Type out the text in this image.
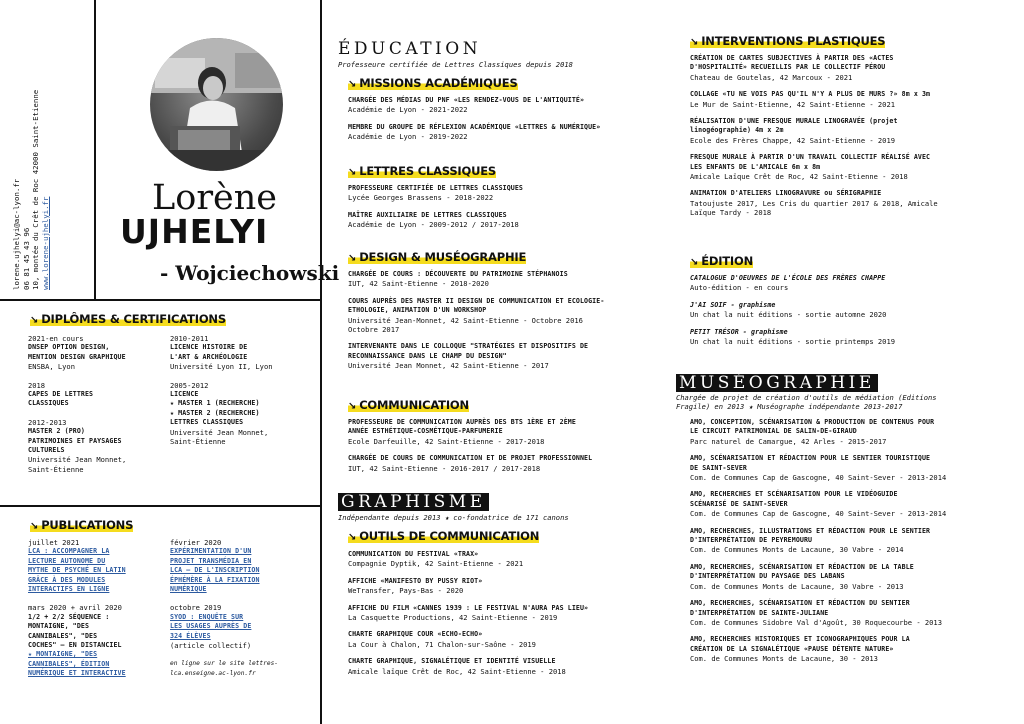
lorene.ujhelyi@ac-lyon.fr 06 81 45 43 96 10, montée du Crêt de Roc 42000 Saint-Etienne www.lorene-ujhelyi.fr	Lorène
UJHELYI
- Wojciechowski
↘ DIPLÔMES & CERTIFICATIONS
2021-en cours
DNSEP OPTION DESIGN,
MENTION DESIGN GRAPHIQUE
ENSBA, Lyon
2018
CAPES DE LETTRES
CLASSIQUES
2012-2013
MASTER 2 (PRO)
PATRIMOINES ET PAYSAGES
CULTURELS
Université Jean Monnet,
Saint-Étienne
2010-2011
LICENCE HISTOIRE DE
L'ART & ARCHÉOLOGIE
Université Lyon II, Lyon
2005-2012
LICENCE
★ MASTER 1 (RECHERCHE)
★ MASTER 2 (RECHERCHE)
LETTRES CLASSIQUES
Université Jean Monnet,
Saint-Étienne
↘ PUBLICATIONS
juillet 2021
LCA : ACCOMPAGNER LA
LECTURE AUTONOME DU
MYTHE DE PSYCHÉ EN LATIN
GRÂCE À DES MODULES
INTERACTIFS EN LIGNE
mars 2020 + avril 2020
1/2 + 2/2 SÉQUENCE :
MONTAIGNE, "DES
CANNIBALES", "DES
COCHES" — EN DISTANCIEL
★ MONTAIGNE, "DES
CANNIBALES", ÉDITION
NUMÉRIQUE ET INTERACTIVE
février 2020
EXPÉRIMENTATION D'UN
PROJET TRANSMÉDIA EN
LCA — DE L'INSCRIPTION
ÉPHÉMÈRE À LA FIXATION
NUMÉRIQUE
octobre 2019
SYOD : ENQUÊTE SUR
LES USAGES AUPRÈS DE
324 ÉLÈVES
(article collectif)
en ligne sur le site lettres-
lca.enseigne.ac-lyon.fr
ÉDUCATION
Professeure certifiée de Lettres Classiques depuis 2018
↘ MISSIONS ACADÉMIQUES
CHARGÉE DES MÉDIAS DU PNF «LES RENDEZ-VOUS DE L'ANTIQUITÉ»
Académie de Lyon - 2021-2022
MEMBRE DU GROUPE DE RÉFLEXION ACADÉMIQUE «LETTRES & NUMÉRIQUE»
Académie de Lyon - 2019-2022
↘ LETTRES CLASSIQUES
PROFESSEURE CERTIFIÉE DE LETTRES CLASSIQUES
Lycée Georges Brassens - 2018-2022
MAÎTRE AUXILIAIRE DE LETTRES CLASSIQUES
Académie de Lyon - 2009-2012 / 2017-2018
↘ DESIGN & MUSÉOGRAPHIE
CHARGÉE DE COURS : DÉCOUVERTE DU PATRIMOINE STÉPHANOIS
IUT, 42 Saint-Etienne - 2018-2020
COURS AUPRÈS DES MASTER II DESIGN DE COMMUNICATION ET ECOLOGIE-
ETHOLOGIE, ANIMATION D'UN WORKSHOP
Université Jean-Monnet, 42 Saint-Etienne - Octobre 2016
Octobre 2017
INTERVENANTE DANS LE COLLOQUE "STRATÉGIES ET DISPOSITIFS DE
RECONNAISSANCE DANS LE CHAMP DU DESIGN"
Université Jean Monnet, 42 Saint-Etienne - 2017
↘ COMMUNICATION
PROFESSEURE DE COMMUNICATION AUPRÈS DES BTS 1ÈRE ET 2ÈME
ANNÉE ESTHÉTIQUE-COSMÉTIQUE-PARFUMERIE
Ecole Darfeuille, 42 Saint-Etienne - 2017-2018
CHARGÉE DE COURS DE COMMUNICATION ET DE PROJET PROFESSIONNEL
IUT, 42 Saint-Etienne - 2016-2017 / 2017-2018
GRAPHISME
Indépendante depuis 2013 ★ co-fondatrice de 171 canons
↘ OUTILS DE COMMUNICATION
COMMUNICATION DU FESTIVAL «TRAX»
Compagnie Dyptik, 42 Saint-Etienne - 2021
AFFICHE «MANIFESTO BY PUSSY RIOT»
WeTransfer, Pays-Bas - 2020
AFFICHE DU FILM «CANNES 1939 : LE FESTIVAL N'AURA PAS LIEU»
La Casquette Productions, 42 Saint-Etienne - 2019
CHARTE GRAPHIQUE COUR «ECHO-ECHO»
La Cour à Chalon, 71 Chalon-sur-Saône - 2019
CHARTE GRAPHIQUE, SIGNALÉTIQUE ET IDENTITÉ VISUELLE
Amicale laïque Crêt de Roc, 42 Saint-Etienne - 2018
↘ INTERVENTIONS PLASTIQUES
CRÉATION DE CARTES SUBJECTIVES À PARTIR DES «ACTES
D'HOSPITALITÉ» RECUEILLIS PAR LE COLLECTIF PÉROU
Chateau de Goutelas, 42 Marcoux - 2021
COLLAGE «TU NE VOIS PAS QU'IL N'Y A PLUS DE MURS ?» 8m x 3m
Le Mur de Saint-Etienne, 42 Saint-Etienne - 2021
RÉALISATION D'UNE FRESQUE MURALE LINOGRAVÉE (projet
linogéographie) 4m x 2m
Ecole des Frères Chappe, 42 Saint-Etienne - 2019
FRESQUE MURALE À PARTIR D'UN TRAVAIL COLLECTIF RÉALISÉ AVEC
LES ENFANTS DE L'AMICALE 6m x 8m
Amicale Laïque Crêt de Roc, 42 Saint-Etienne - 2018
ANIMATION D'ATELIERS LINOGRAVURE ou SÉRIGRAPHIE
Tatoujuste 2017, Les Cris du quartier 2017 & 2018, Amicale
Laïque Tardy - 2018
↘ ÉDITION
CATALOGUE D'OEUVRES DE L'ÉCOLE DES FRÈRES CHAPPE
Auto-édition - en cours
J'AI SOIF - graphisme
Un chat la nuit éditions - sortie automne 2020
PETIT TRÉSOR - graphisme
Un chat la nuit éditions - sortie printemps 2019
MUSÉOGRAPHIE
Chargée de projet de création d'outils de médiation (Editions
Fragile) en 2013 ★ Muséographe indépendante 2013-2017
AMO, CONCEPTION, SCÉNARISATION & PRODUCTION DE CONTENUS POUR
LE CIRCUIT PATRIMONIAL DE SALIN-DE-GIRAUD
Parc naturel de Camargue, 42 Arles - 2015-2017
AMO, SCÉNARISATION ET RÉDACTION POUR LE SENTIER TOURISTIQUE
DE SAINT-SEVER
Com. de Communes Cap de Gascogne, 40 Saint-Sever - 2013-2014
AMO, RECHERCHES ET SCÉNARISATION POUR LE VIDÉOGUIDE
SCÉNARISÉ DE SAINT-SEVER
Com. de Communes Cap de Gascogne, 40 Saint-Sever - 2013-2014
AMO, RECHERCHES, ILLUSTRATIONS ET RÉDACTION POUR LE SENTIER
D'INTERPRÉTATION DE PEYREMOURU
Com. de Communes Monts de Lacaune, 30 Vabre - 2014
AMO, RECHERCHES, SCÉNARISATION ET RÉDACTION DE LA TABLE
D'INTERPRÉTATION DU PAYSAGE DES LABANS
Com. de Communes Monts de Lacaune, 30 Vabre - 2013
AMO, RECHERCHES, SCÉNARISATION ET RÉDACTION DU SENTIER
D'INTERPRÉTATION DE SAINTE-JULIANE
Com. de Communes Sidobre Val d'Agoût, 30 Roquecourbe - 2013
AMO, RECHERCHES HISTORIQUES ET ICONOGRAPHIQUES POUR LA
CRÉATION DE LA SIGNALÉTIQUE «PAUSE DÉTENTE NATURE»
Com. de Communes Monts de Lacaune, 30 - 2013
